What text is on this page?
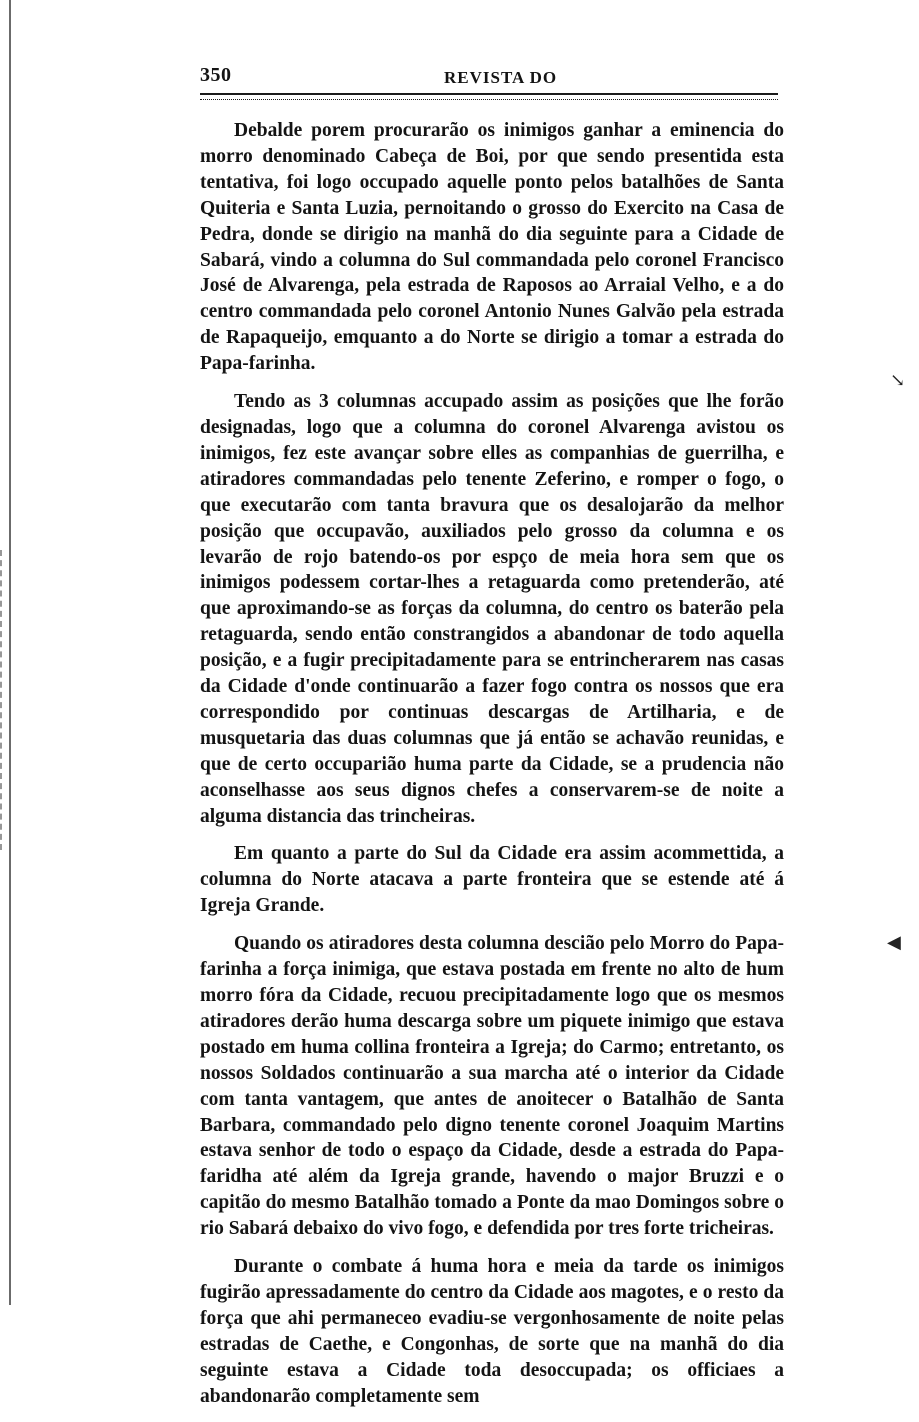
350	REVISTA DO

Debalde porem procurarão os inimigos ganhar a eminencia do morro denominado Cabeça de Boi, por que sendo presentida esta tentativa, foi logo occupado aquelle ponto pelos batalhões de Santa Quiteria e Santa Luzia, pernoitando o grosso do Exercito na Casa de Pedra, donde se dirigio na manhã do dia seguinte para a Cidade de Sabará, vindo a columna do Sul commandada pelo coronel Francisco José de Alvarenga, pela estrada de Raposos ao Arraial Velho, e a do centro commandada pelo coronel Antonio Nunes Galvão pela estrada de Rapaqueijo, emquanto a do Norte se dirigio a tomar a estrada do Papa-farinha.

Tendo as 3 columnas accupado assim as posições que lhe forão designadas, logo que a columna do coronel Alvarenga avistou os inimigos, fez este avançar sobre elles as companhias de guerrilha, e atiradores commandadas pelo tenente Zeferino, e romper o fogo, o que executarão com tanta bravura que os desalojarão da melhor posição que occupavão, auxiliados pelo grosso da columna e os levarão de rojo batendo-os por espço de meia hora sem que os inimigos podessem cortar-lhes a retaguarda como pretenderão, até que aproximando-se as forças da columna, do centro os baterão pela retaguarda, sendo então constrangidos a abandonar de todo aquella posição, e a fugir precipitadamente para se entrincherarem nas casas da Cidade d'onde continuarão a fazer fogo contra os nossos que era correspondido por continuas descargas de Artilharia, e de musquetaria das duas columnas que já então se achavão reunidas, e que de certo occuparião huma parte da Cidade, se a prudencia não aconselhasse aos seus dignos chefes a conservarem-se de noite a alguma distancia das trincheiras.

Em quanto a parte do Sul da Cidade era assim acommettida, a columna do Norte atacava a parte fronteira que se estende até á Igreja Grande.

Quando os atiradores desta columna descião pelo Morro do Papa-farinha a força inimiga, que estava postada em frente no alto de hum morro fóra da Cidade, recuou precipitadamente logo que os mesmos atiradores derão huma descarga sobre um piquete inimigo que estava postado em huma collina fronteira a Igreja; do Carmo; entretanto, os nossos Soldados continuarão a sua marcha até o interior da Cidade com tanta vantagem, que antes de anoitecer o Batalhão de Santa Barbara, commandado pelo digno tenente coronel Joaquim Martins estava senhor de todo o espaço da Cidade, desde a estrada do Papa-faridha até além da Igreja grande, havendo o major Bruzzi e o capitão do mesmo Batalhão tomado a Ponte da mao Domingos sobre o rio Sabará debaixo do vivo fogo, e defendida por tres forte tricheiras.

Durante o combate á huma hora e meia da tarde os inimigos fugirão apressadamente do centro da Cidade aos magotes, e o resto da força que ahi permaneceo evadiu-se vergonhosamente de noite pelas estradas de Caethe, e Congonhas, de sorte que na manhã do dia seguinte estava a Cidade toda desoccupada; os officiaes a abandonarão completamente sem

↘
◀
